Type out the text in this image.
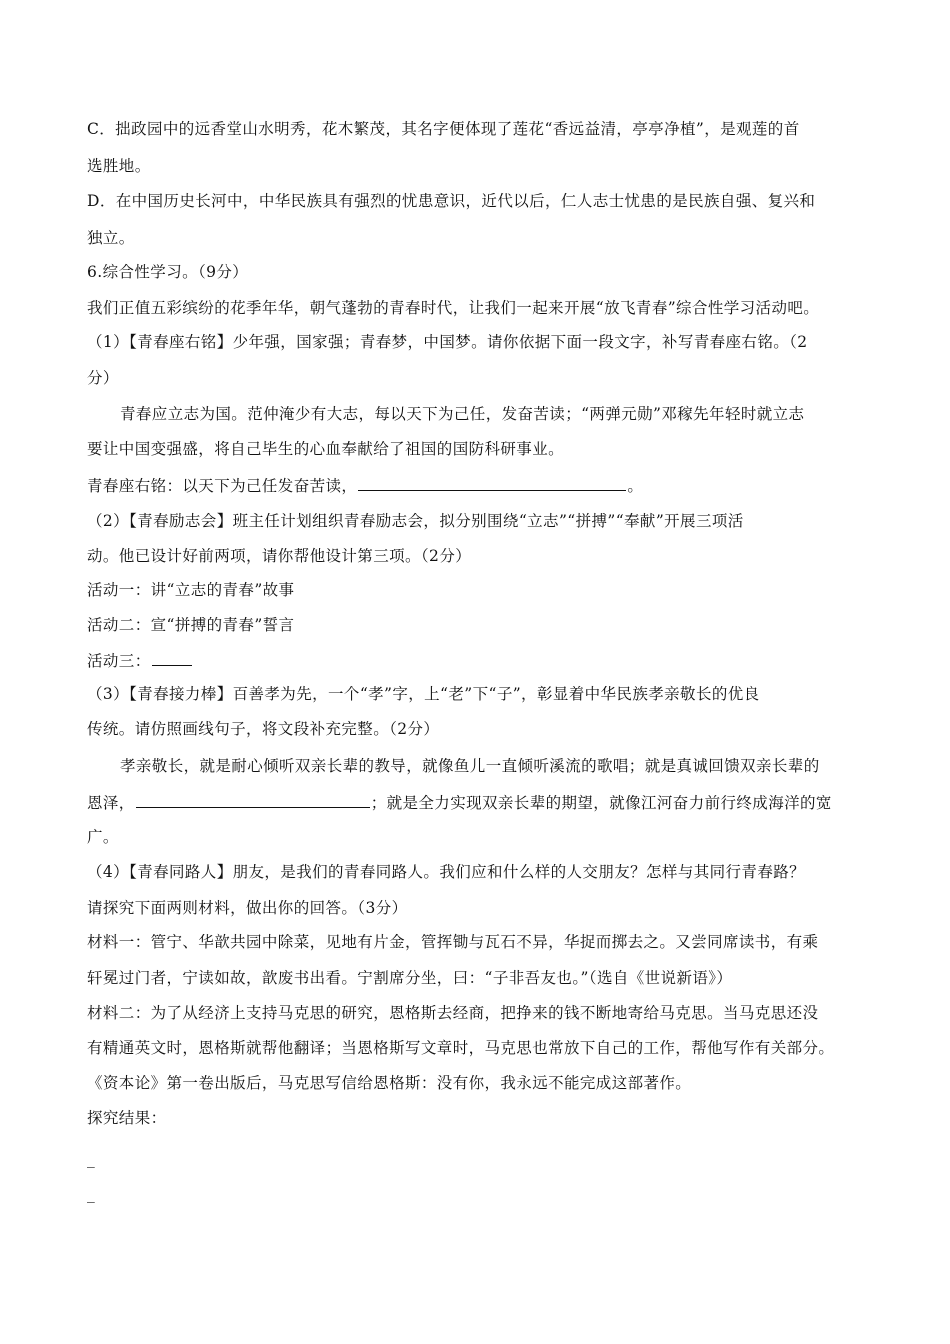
C．拙政园中的远香堂山水明秀，花木繁茂，其名字便体现了莲花“香远益清，亭亭净植”，是观莲的首
选胜地。
D．在中国历史长河中，中华民族具有强烈的忧患意识，近代以后，仁人志士忧患的是民族自强、复兴和
独立。
6.综合性学习。（9分）
我们正值五彩缤纷的花季年华，朝气蓬勃的青春时代，让我们一起来开展“放飞青春”综合性学习活动吧。
（1）【青春座右铭】少年强，国家强；青春梦，中国梦。请你依据下面一段文字，补写青春座右铭。（2
分）
青春应立志为国。范仲淹少有大志，每以天下为己任，发奋苦读；“两弹元勋”邓稼先年轻时就立志
要让中国变强盛，将自己毕生的心血奉献给了祖国的国防科研事业。
青春座右铭：以天下为己任发奋苦读，	。
（2）【青春励志会】班主任计划组织青春励志会，拟分别围绕“立志”“拼搏”“奉献”开展三项活
动。他已设计好前两项，请你帮他设计第三项。（2分）
活动一：讲“立志的青春”故事
活动二：宣“拼搏的青春”誓言
活动三：
（3）【青春接力棒】百善孝为先，一个“孝”字，上“老”下“子”，彰显着中华民族孝亲敬长的优良
传统。请仿照画线句子，将文段补充完整。（2分）
孝亲敬长，就是耐心倾听双亲长辈的教导，就像鱼儿一直倾听溪流的歌唱；就是真诚回馈双亲长辈的
恩泽，	；就是全力实现双亲长辈的期望，就像江河奋力前行终成海洋的宽
广。
（4）【青春同路人】朋友，是我们的青春同路人。我们应和什么样的人交朋友？怎样与其同行青春路？
请探究下面两则材料，做出你的回答。（3分）
材料一：管宁、华歆共园中除菜，见地有片金，管挥锄与瓦石不异，华捉而掷去之。又尝同席读书，有乘
轩冕过门者，宁读如故，歆废书出看。宁割席分坐，曰：“子非吾友也。”（选自《世说新语》）
材料二：为了从经济上支持马克思的研究，恩格斯去经商，把挣来的钱不断地寄给马克思。当马克思还没
有精通英文时，恩格斯就帮他翻译；当恩格斯写文章时，马克思也常放下自己的工作，帮他写作有关部分。
《资本论》第一卷出版后，马克思写信给恩格斯：没有你，我永远不能完成这部著作。
探究结果：
_
_
